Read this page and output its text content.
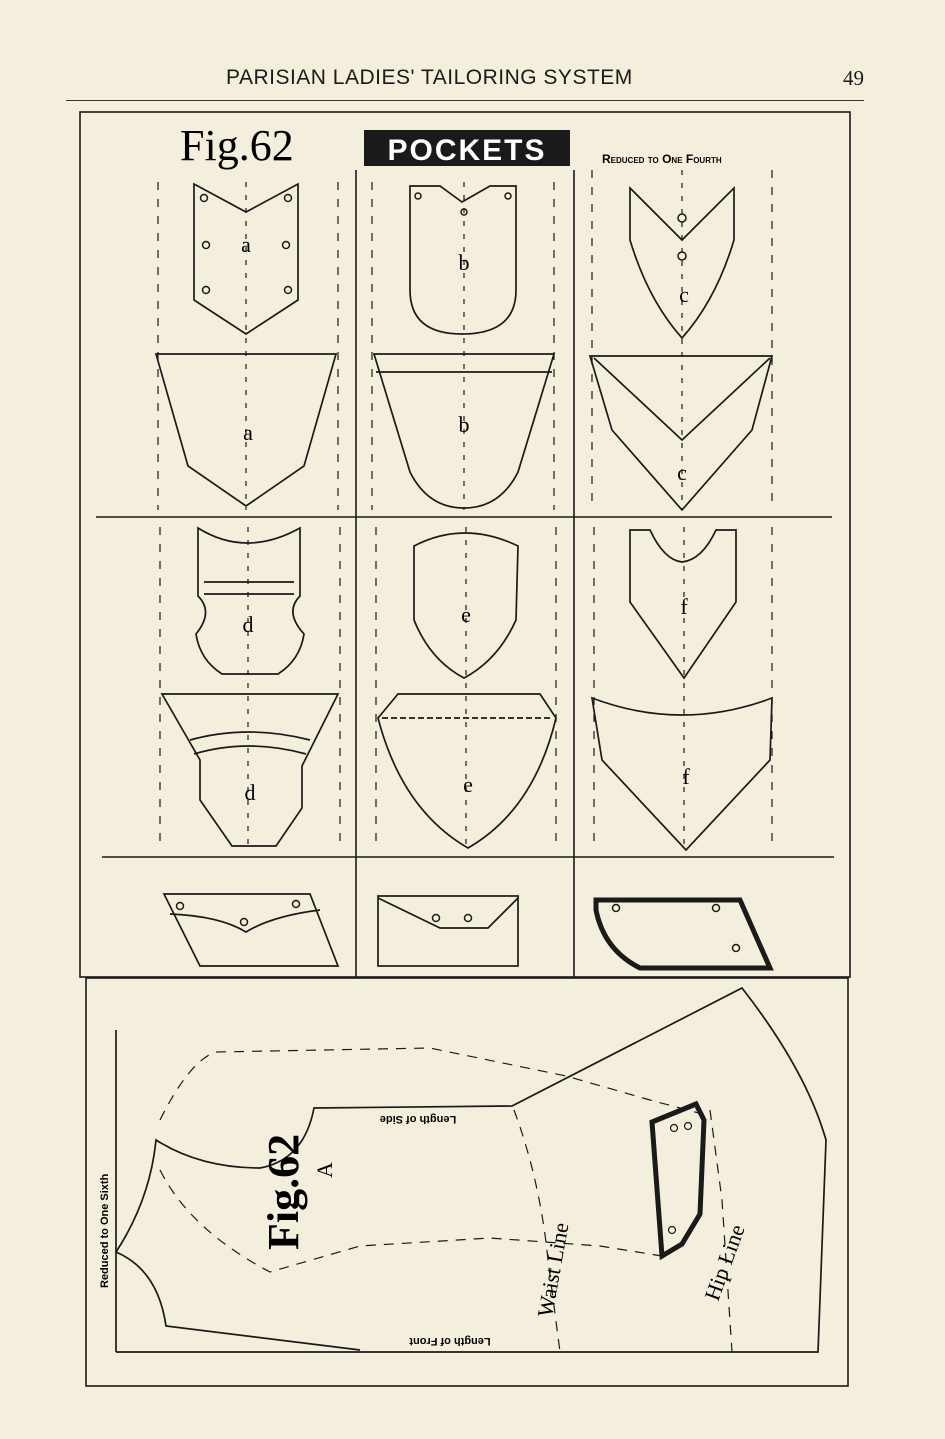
PARISIAN LADIES' TAILORING SYSTEM	49
Fig.62	POCKETS	Reduced to One Fourth
a
b
c
a	b
c
d	e	f
d	e	f
Reduced to One Sixth	Fig.62 A
Length of Side
Length of Front
Waist Line	Hip Line
